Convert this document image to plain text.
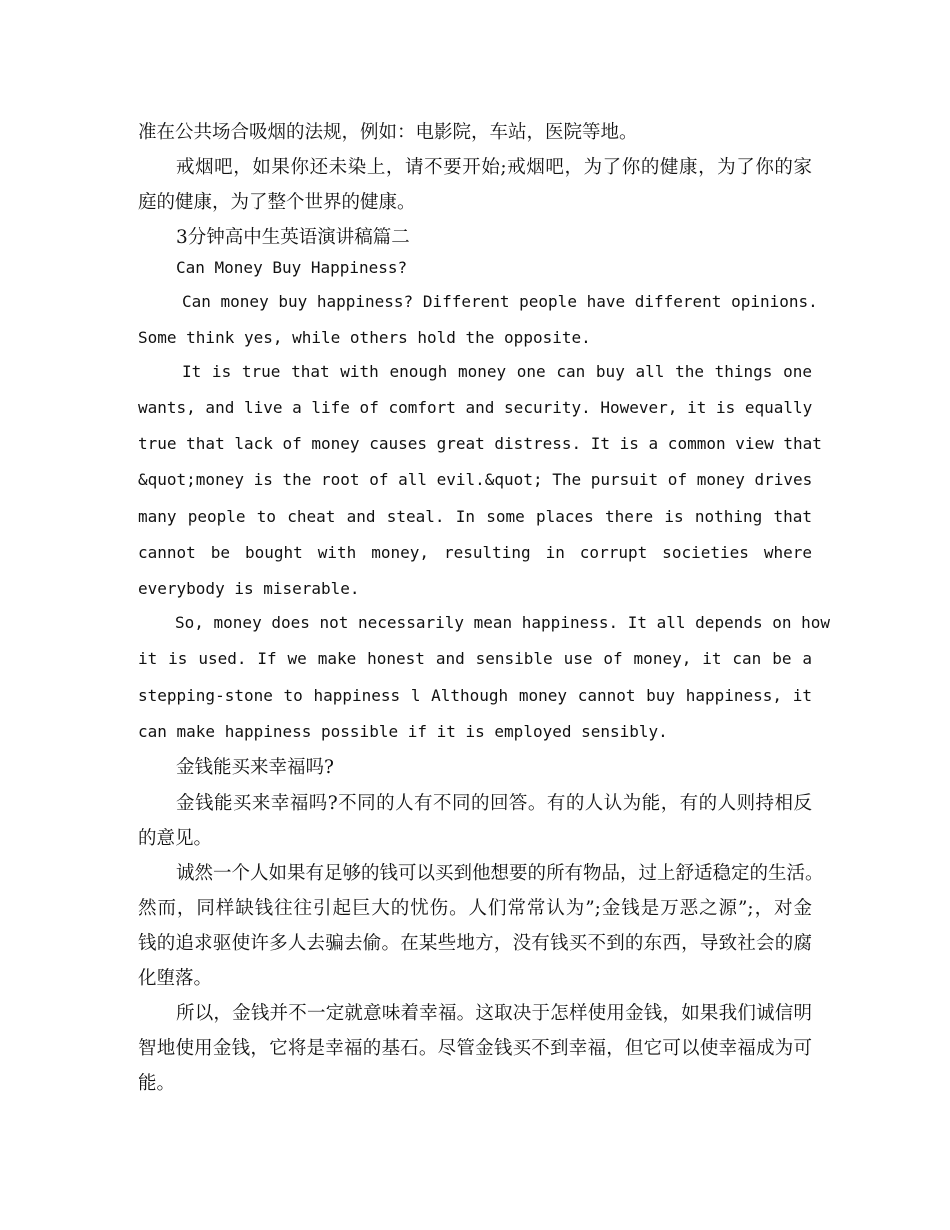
准在公共场合吸烟的法规，例如：电影院，车站，医院等地。

戒烟吧，如果你还未染上，请不要开始;戒烟吧，为了你的健康，为了你的家

庭的健康，为了整个世界的健康。

3分钟高中生英语演讲稿篇二

Can Money Buy Happiness?

Can money buy happiness? Different people have different opinions.

Some think yes, while others hold the opposite.

It is true that with enough money one can buy all the things one

wants, and live a life of comfort and security. However, it is equally

true that lack of money causes great distress. It is a common view that

&quot;money is the root of all evil.&quot; The pursuit of money drives

many people to cheat and steal. In some places there is nothing that

cannot be bought with money, resulting in corrupt societies where

everybody is miserable.

So, money does not necessarily mean happiness. It all depends on how

it is used. If we make honest and sensible use of money, it can be a

stepping-stone to happiness l Although money cannot buy happiness, it

can make happiness possible if it is employed sensibly.

金钱能买来幸福吗?

金钱能买来幸福吗?不同的人有不同的回答。有的人认为能，有的人则持相反

的意见。

诚然一个人如果有足够的钱可以买到他想要的所有物品，过上舒适稳定的生活。

然而，同样缺钱往往引起巨大的忧伤。人们常常认为”;金钱是万恶之源”;，对金

钱的追求驱使许多人去骗去偷。在某些地方，没有钱买不到的东西，导致社会的腐

化堕落。

所以，金钱并不一定就意味着幸福。这取决于怎样使用金钱，如果我们诚信明

智地使用金钱，它将是幸福的基石。尽管金钱买不到幸福，但它可以使幸福成为可

能。
